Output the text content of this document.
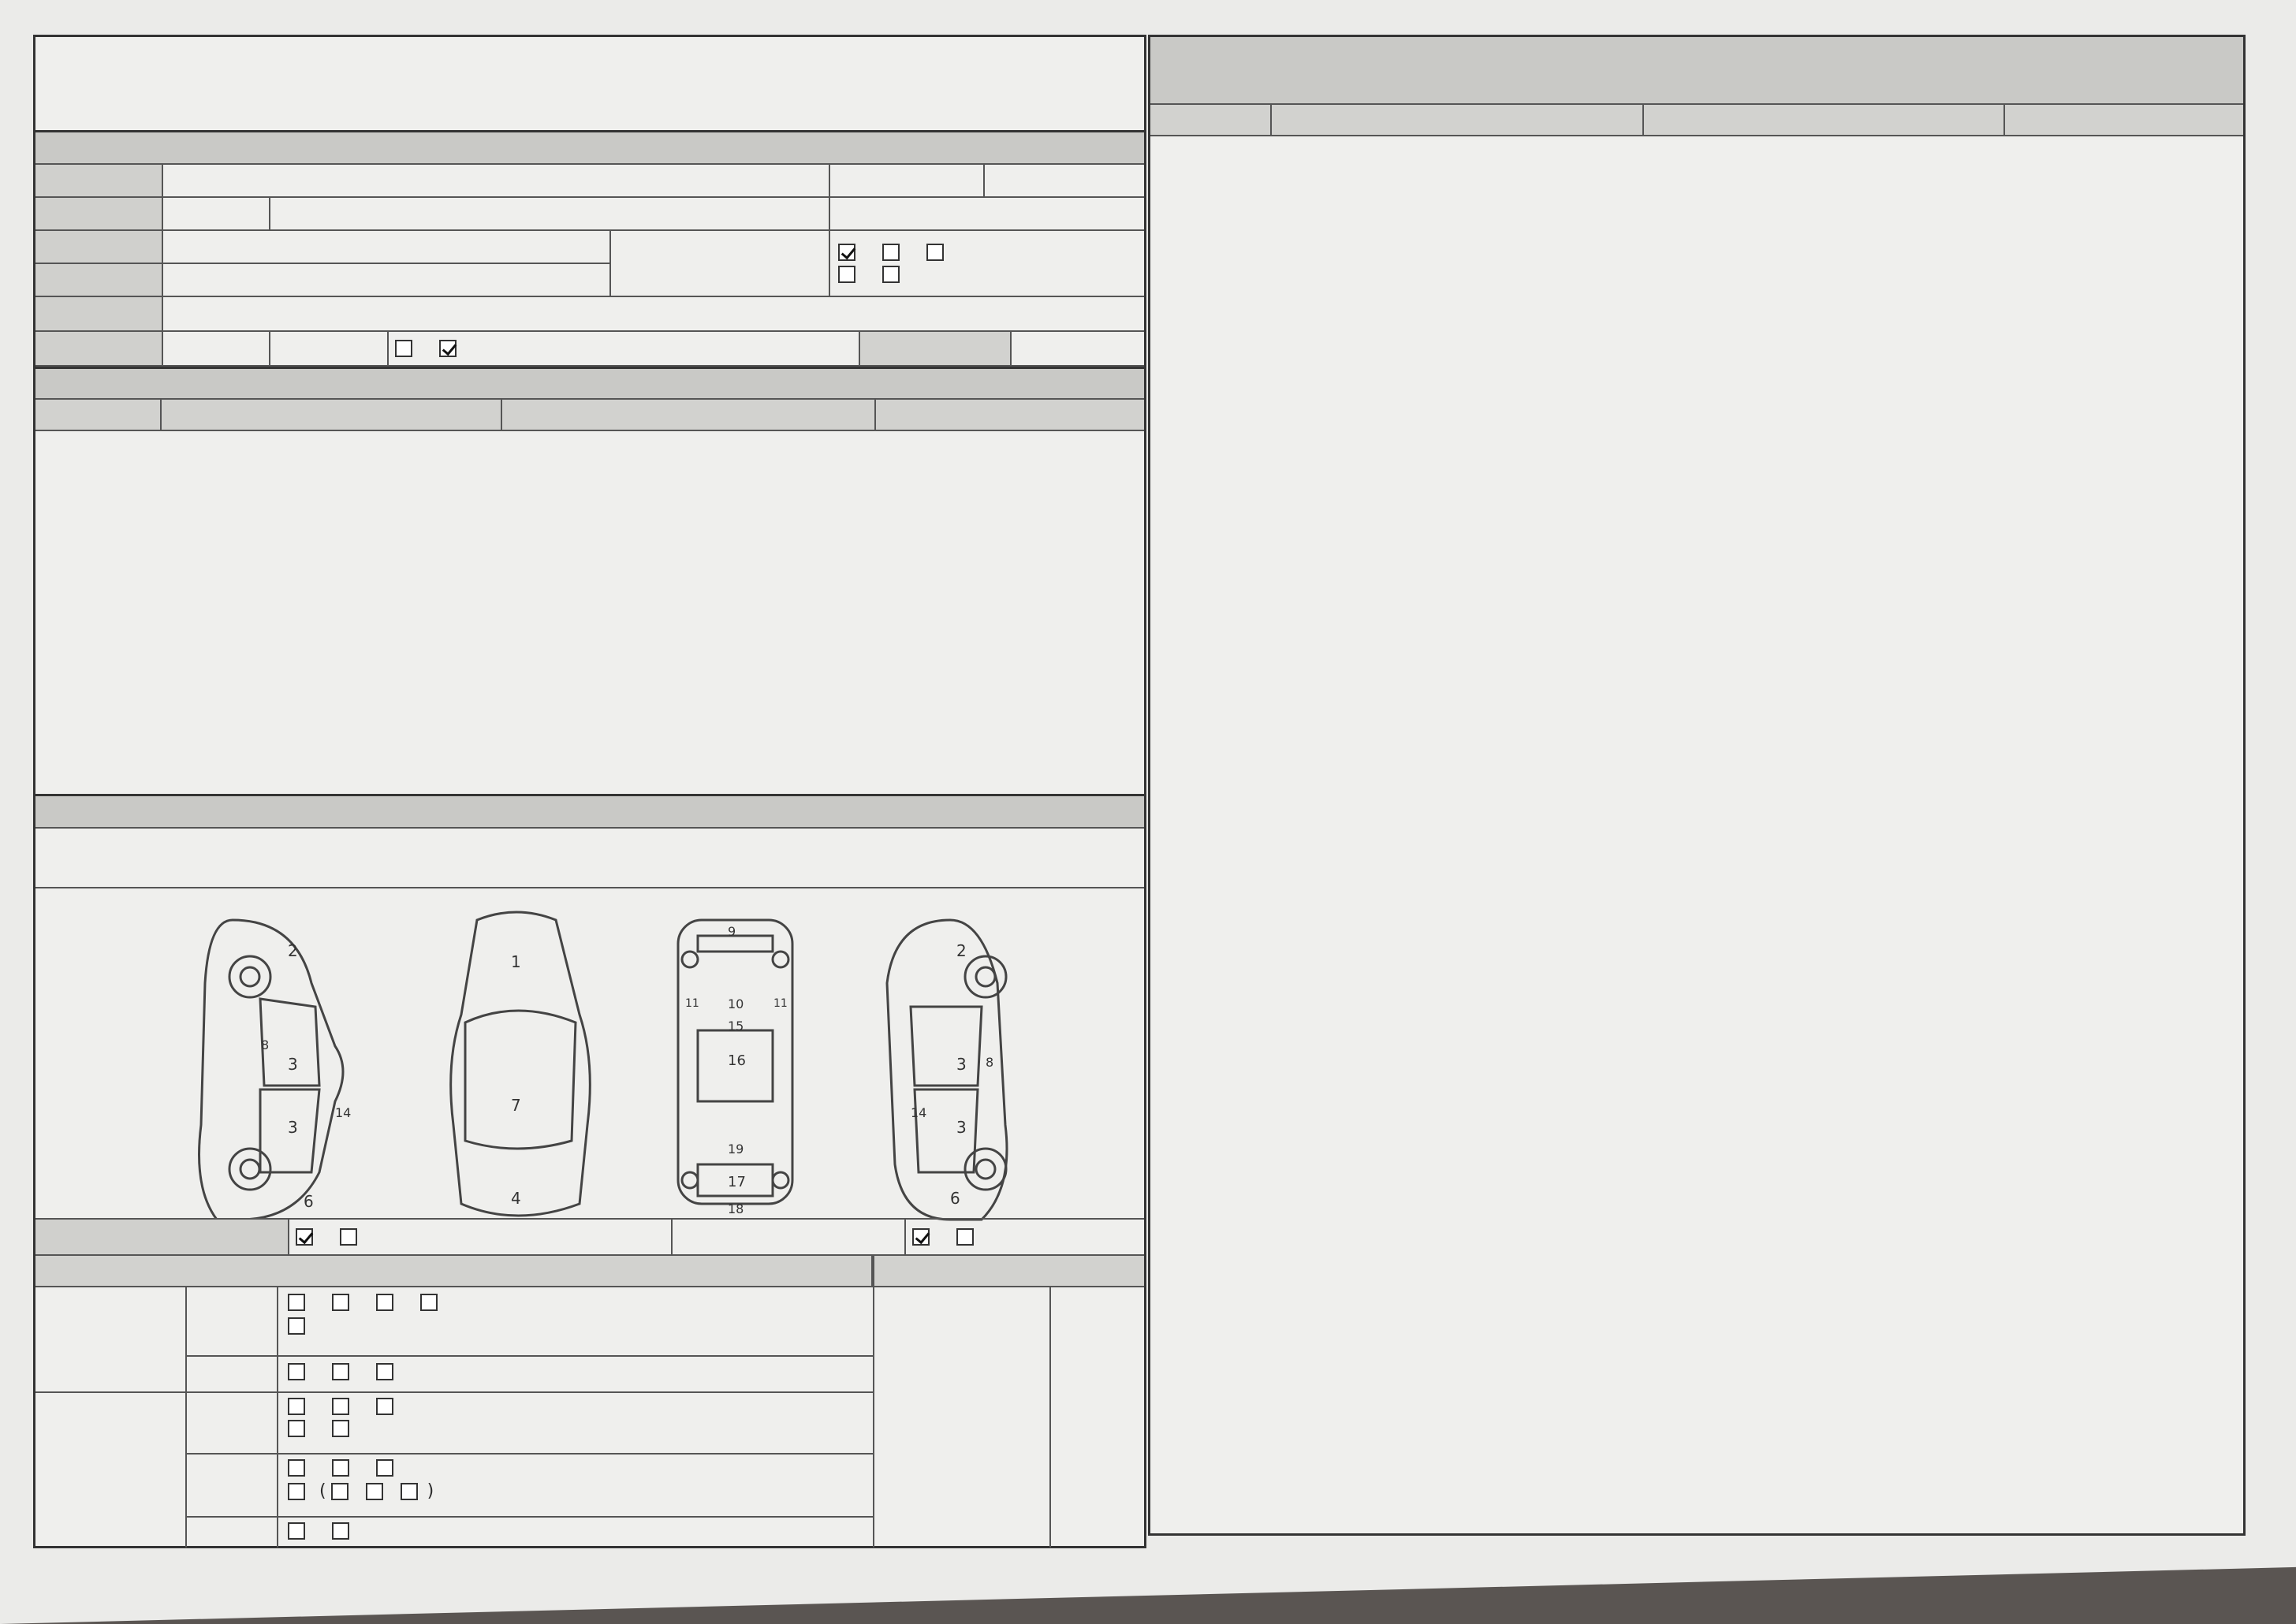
2
3
3
14
8
6
1
7
4
9
10
15
16
19
17
18
11	11
2
3
3
14
8
6
(	)
